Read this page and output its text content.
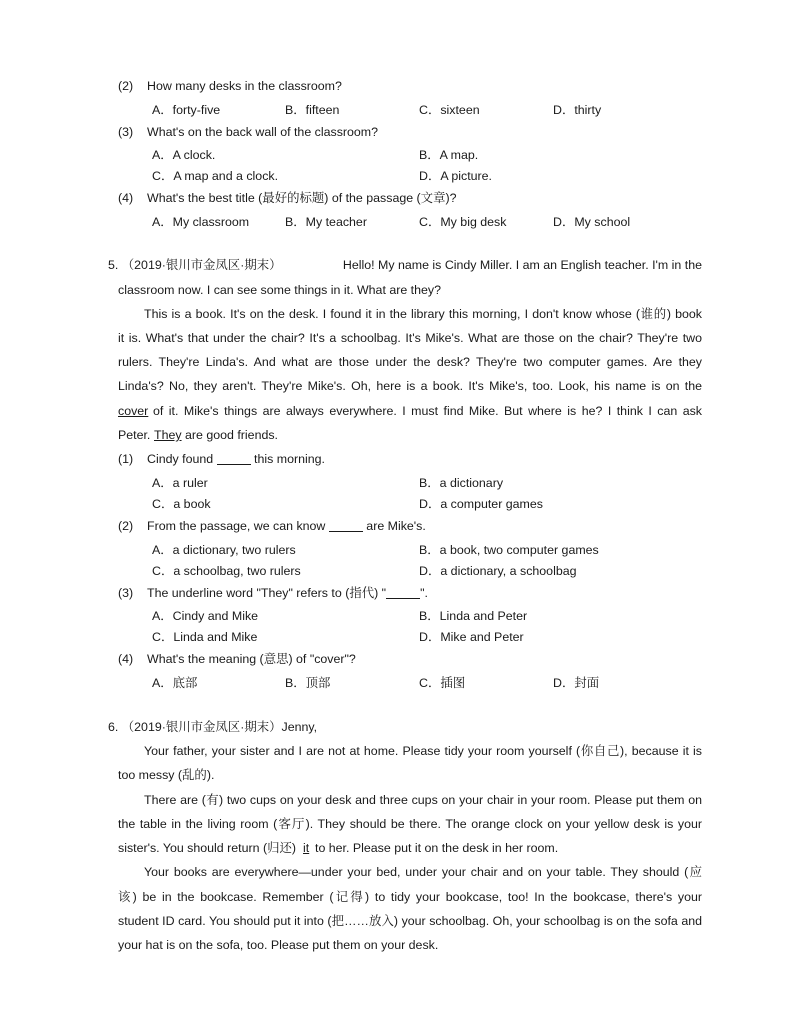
(2) How many desks in the classroom?
A．forty-five	B．fifteen	C．sixteen	D．thirty
(3) What's on the back wall of the classroom?
A．A clock.	B．A map.
C．A map and a clock.	D．A picture.
(4) What's the best title (最好的标题) of the passage (文章)?
A．My classroom	B．My teacher	C．My big desk	D．My school
5. （2019·银川市金凤区·期末）	Hello! My name is Cindy Miller. I am an English teacher. I'm in the
classroom now. I can see some things in it. What are they?
This is a book. It's on the desk. I found it in the library this morning, I don't know whose (谁的) book
it is. What's that under the chair? It's a schoolbag. It's Mike's. What are those on the chair? They're two
rulers. They're Linda's. And what are those under the desk? They're two computer games. Are they
Linda's? No, they aren't. They're Mike's. Oh, here is a book. It's Mike's, too. Look, his name is on the
cover of it. Mike's things are always everywhere. I must find Mike. But where is he? I think I can ask
Peter. They are good friends.
(1) Cindy found	this morning.
A．a ruler	B．a dictionary
C．a book	D．a computer games
(2) From the passage, we can know	are Mike's.
A．a dictionary, two rulers	B．a book, two computer games
C．a schoolbag, two rulers	D．a dictionary, a schoolbag
(3) The underline word "They" refers to (指代) "	".
A．Cindy and Mike	B．Linda and Peter
C．Linda and Mike	D．Mike and Peter
(4) What's the meaning (意思) of "cover"?
A．底部	B．顶部	C．插图	D．封面
6. （2019·银川市金凤区·期末）Jenny,
Your father, your sister and I are not at home. Please tidy your room yourself (你自己), because it is
too messy (乱的).
There are (有) two cups on your desk and three cups on your chair in your room. Please put them on
the table in the living room (客厅). They should be there. The orange clock on your yellow desk is your
sister's. You should return (归还) it to her. Please put it on the desk in her room.
Your books are everywhere—under your bed, under your chair and on your table. They should (应
该) be in the bookcase. Remember (记得) to tidy your bookcase, too! In the bookcase, there's your
student ID card. You should put it into (把……放入) your schoolbag. Oh, your schoolbag is on the sofa and
your hat is on the sofa, too. Please put them on your desk.
